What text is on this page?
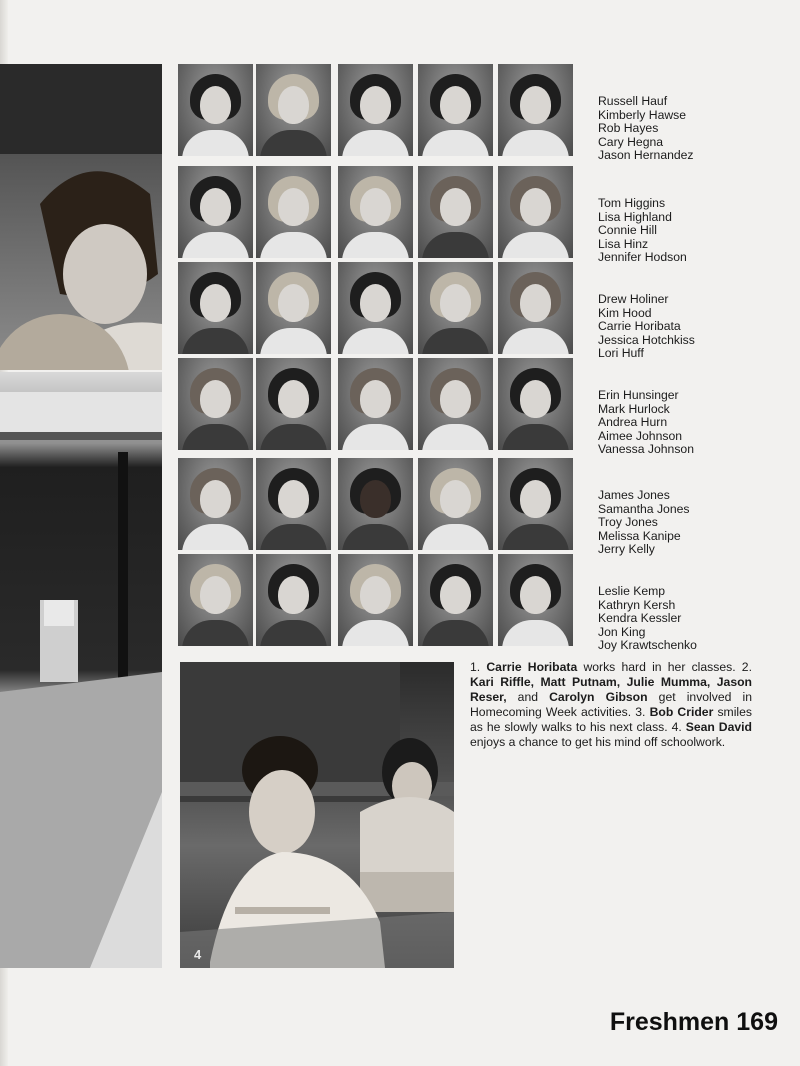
Russell Hauf
Kimberly Hawse
Rob Hayes
Cary Hegna
Jason Hernandez
Tom Higgins
Lisa Highland
Connie Hill
Lisa Hinz
Jennifer Hodson
Drew Holiner
Kim Hood
Carrie Horibata
Jessica Hotchkiss
Lori Huff
Erin Hunsinger
Mark Hurlock
Andrea Hurn
Aimee Johnson
Vanessa Johnson
James Jones
Samantha Jones
Troy Jones
Melissa Kanipe
Jerry Kelly
Leslie Kemp
Kathryn Kersh
Kendra Kessler
Jon King
Joy Krawtschenko
4
1. Carrie Horibata works hard in her classes. 2. Kari Riffle, Matt Putnam, Julie Mumma, Jason Reser, and Carolyn Gibson get involved in Homecoming Week activities. 3. Bob Crider smiles as he slowly walks to his next class. 4. Sean David enjoys a chance to get his mind off schoolwork.
Freshmen 169
